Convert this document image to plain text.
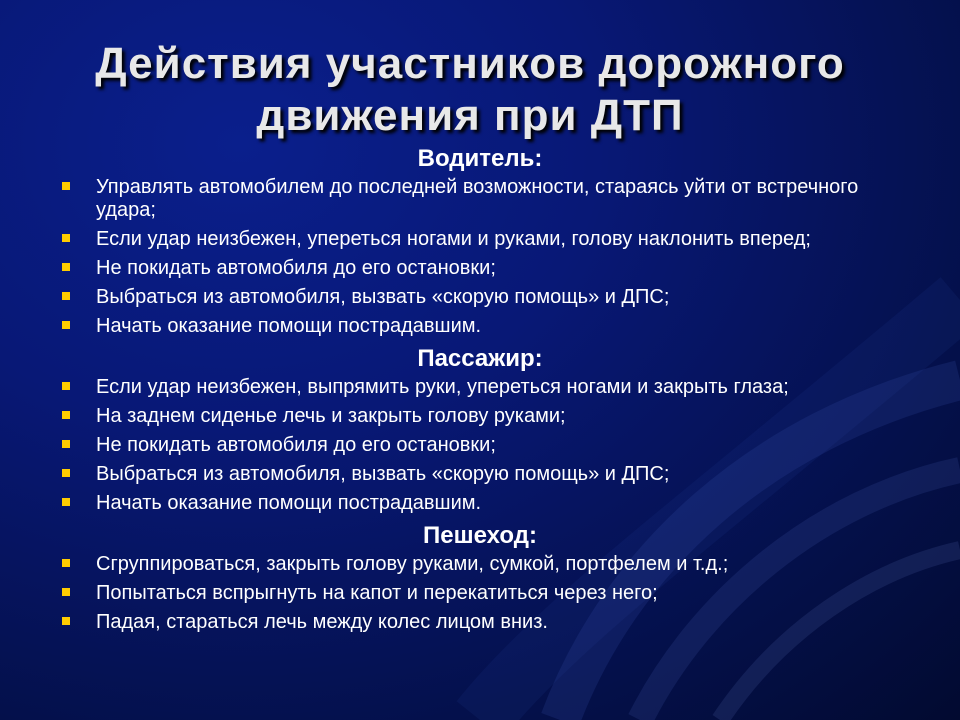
Действия участников дорожного движения при ДТП
Водитель:
Управлять автомобилем до последней возможности, стараясь уйти от встречного удара;
Если удар неизбежен, упереться ногами и руками, голову наклонить вперед;
Не покидать автомобиля до его остановки;
Выбраться из автомобиля, вызвать «скорую помощь» и ДПС;
Начать оказание помощи пострадавшим.
Пассажир:
Если удар неизбежен, выпрямить руки, упереться ногами и закрыть глаза;
На заднем сиденье лечь и закрыть голову руками;
Не покидать автомобиля до его остановки;
Выбраться из автомобиля, вызвать «скорую помощь» и ДПС;
Начать оказание помощи пострадавшим.
Пешеход:
Сгруппироваться, закрыть голову руками, сумкой, портфелем и т.д.;
Попытаться вспрыгнуть на капот и перекатиться через него;
Падая, стараться лечь между колес лицом вниз.
